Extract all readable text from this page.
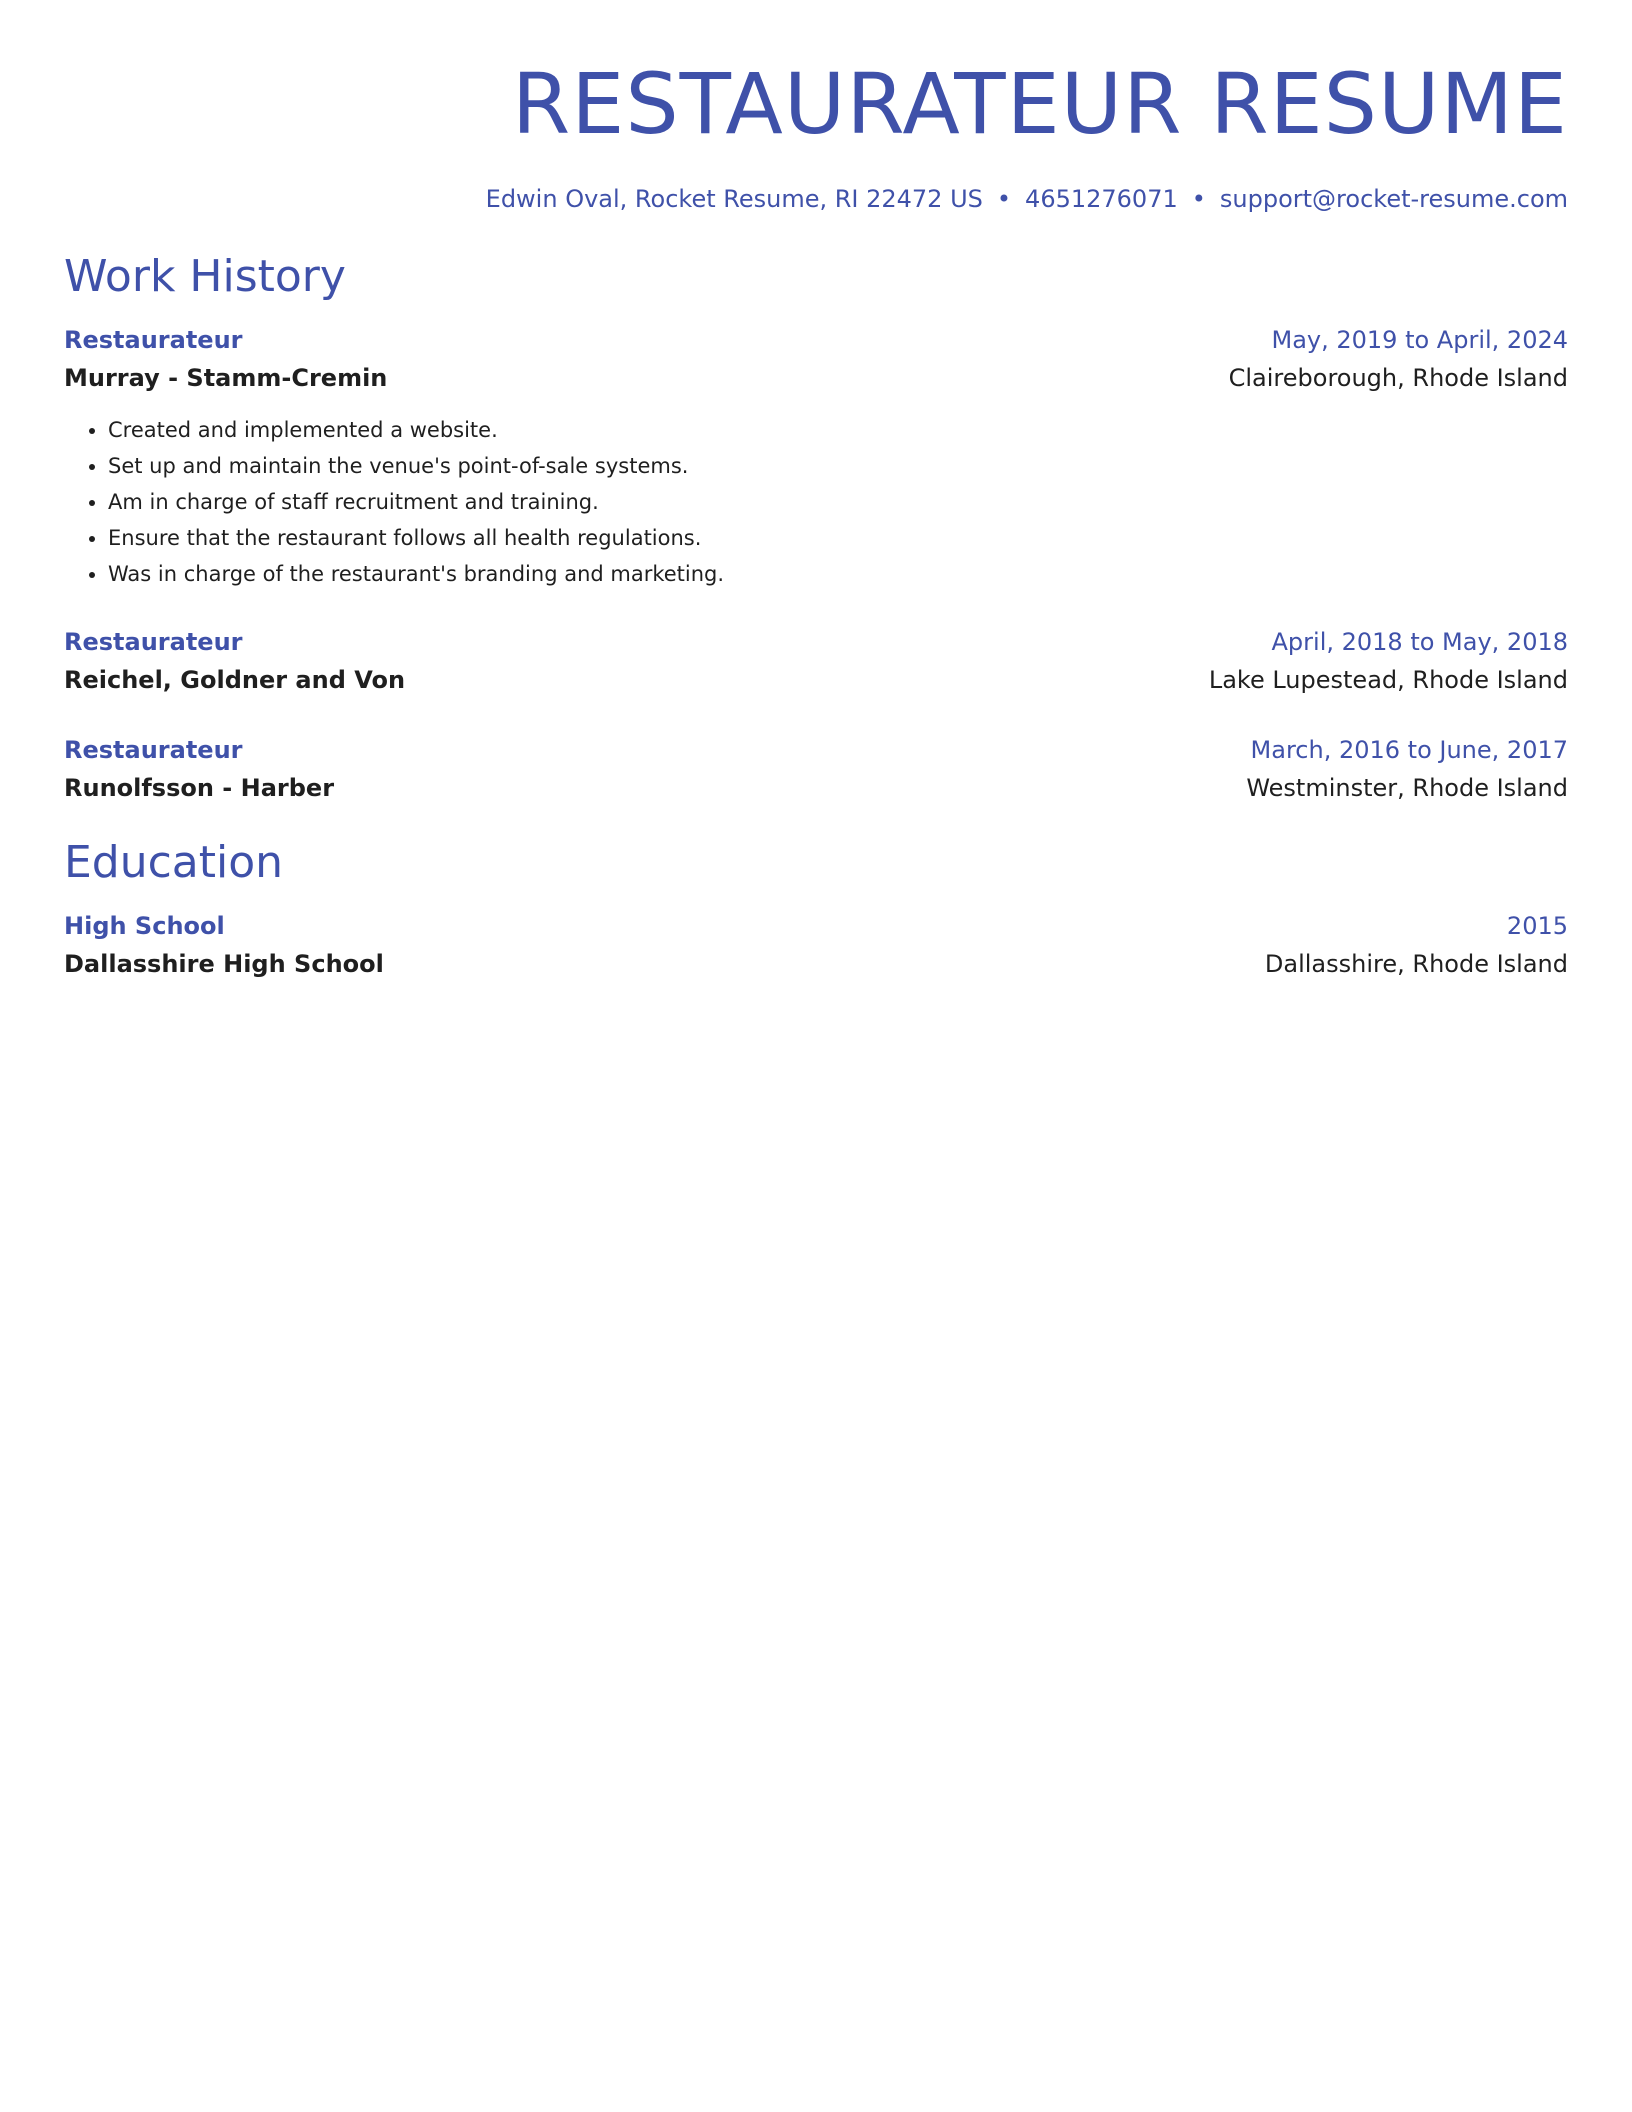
RESTAURATEUR RESUME
Edwin Oval, Rocket Resume, RI 22472 US • 4651276071 • support@rocket-resume.com
Work History
Restaurateur	May, 2019 to April, 2024
Murray - Stamm-Cremin	Claireborough, Rhode Island
• Created and implemented a website.
• Set up and maintain the venue's point-of-sale systems.
• Am in charge of staff recruitment and training.
• Ensure that the restaurant follows all health regulations.
• Was in charge of the restaurant's branding and marketing.
Restaurateur	April, 2018 to May, 2018
Reichel, Goldner and Von	Lake Lupestead, Rhode Island
Restaurateur	March, 2016 to June, 2017
Runolfsson - Harber	Westminster, Rhode Island
Education
High School	2015
Dallasshire High School	Dallasshire, Rhode Island
